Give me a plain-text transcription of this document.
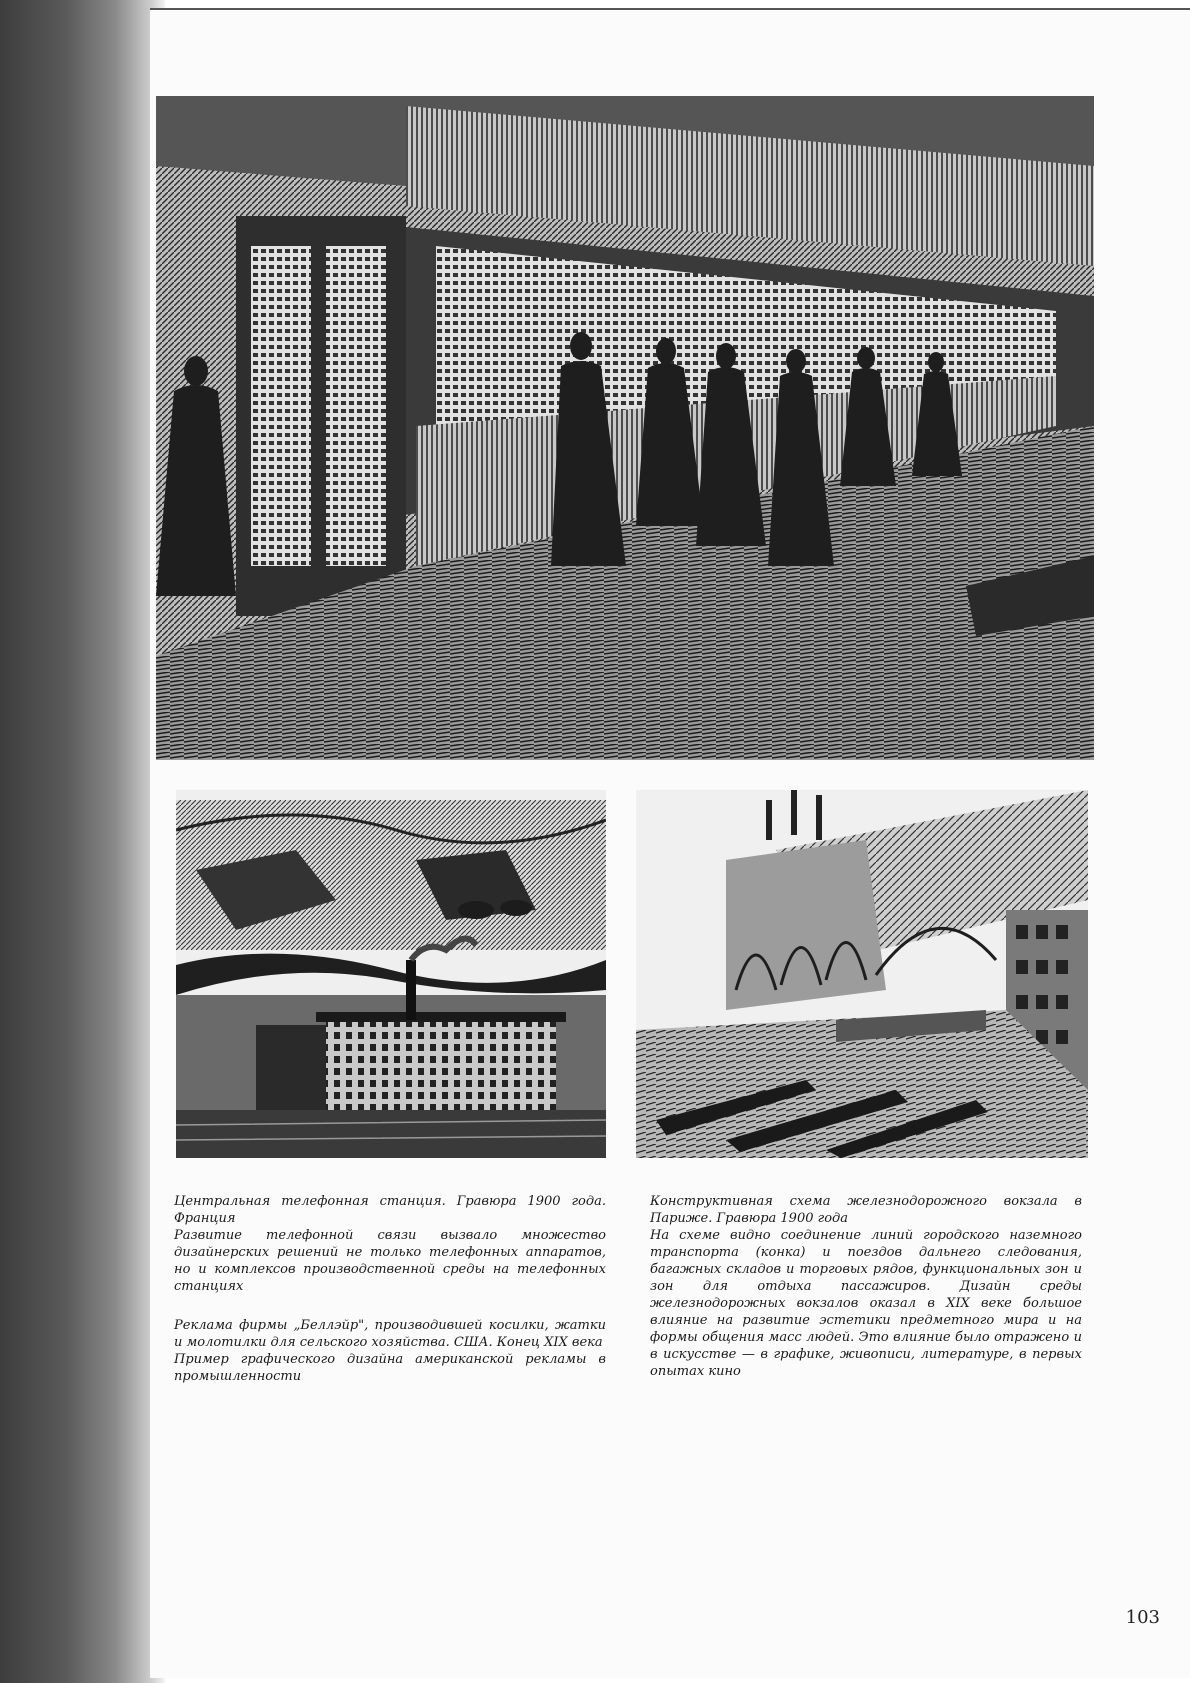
Центральная телефонная станция. Гравюра 1900 года. Франция

Развитие телефонной связи вызвало множество дизайнерских решений не только телефонных аппаратов, но и комплексов производственной среды на телефонных станциях

Реклама фирмы „Беллэйр", производившей косилки, жатки и молотилки для сельского хозяйства. США. Конец XIX века

Пример графического дизайна американской рекламы в промышленности

Конструктивная схема железнодорожного вокзала в Париже. Гравюра 1900 года

На схеме видно соединение линий городского наземного транспорта (конка) и поездов дальнего следования, багажных складов и торговых рядов, функциональных зон и зон для отдыха пассажиров. Дизайн среды железнодорожных вокзалов оказал в XIX веке большое влияние на развитие эстетики предметного мира и на формы общения масс людей. Это влияние было отражено и в искусстве — в графике, живописи, литературе, в первых опытах кино

103
